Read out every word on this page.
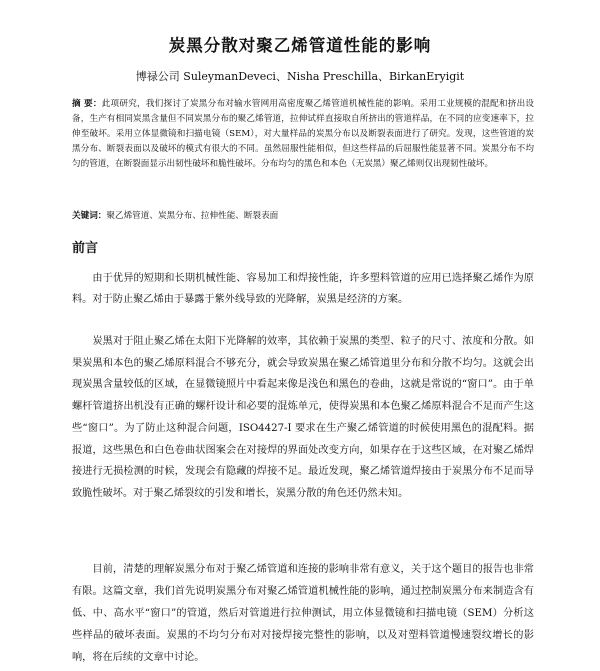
炭黑分散对聚乙烯管道性能的影响

博禄公司 SuleymanDeveci、Nisha Preschilla、BirkanEryigit

摘 要：此项研究，我们探讨了炭黑分布对输水管网用高密度聚乙烯管道机械性能的影响。采用工业规模的混配和挤出设备，生产有相同炭黑含量但不同炭黑分布的聚乙烯管道，拉伸试样直接取自所挤出的管道样品，在不同的应变速率下，拉伸至破坏。采用立体显微镜和扫描电镜（SEM），对大量样品的炭黑分布以及断裂表面进行了研究。发现，这些管道的炭黑分布、断裂表面以及破坏的模式有很大的不同。虽然屈服性能相似，但这些样品的后屈服性能显著不同。炭黑分布不均匀的管道，在断裂面显示出韧性破坏和脆性破坏。分布均匀的黑色和本色（无炭黑）聚乙烯则仅出现韧性破坏。

关键词：聚乙烯管道、炭黑分布、拉伸性能、断裂表面

前言

由于优异的短期和长期机械性能、容易加工和焊接性能，许多塑料管道的应用已选择聚乙烯作为原料。对于防止聚乙烯由于暴露于紫外线导致的光降解，炭黑是经济的方案。

炭黑对于阻止聚乙烯在太阳下光降解的效率，其依赖于炭黑的类型、粒子的尺寸、浓度和分散。如果炭黑和本色的聚乙烯原料混合不够充分，就会导致炭黑在聚乙烯管道里分布和分散不均匀。这就会出现炭黑含量较低的区域，在显微镜照片中看起来像是浅色和黑色的卷曲，这就是常说的“窗口”。由于单螺杆管道挤出机没有正确的螺杆设计和必要的混炼单元，使得炭黑和本色聚乙烯原料混合不足而产生这些“窗口”。为了防止这种混合问题，ISO4427-I 要求在生产聚乙烯管道的时候使用黑色的混配料。据报道，这些黑色和白色卷曲状图案会在对接焊的界面处改变方向，如果存在于这些区域，在对聚乙烯焊接进行无损检测的时候，发现会有隐藏的焊接不足。最近发现，聚乙烯管道焊接由于炭黑分布不足而导致脆性破坏。对于聚乙烯裂纹的引发和增长，炭黑分散的角色还仍然未知。

目前，清楚的理解炭黑分布对于聚乙烯管道和连接的影响非常有意义，关于这个题目的报告也非常有限。这篇文章，我们首先说明炭黑分布对聚乙烯管道机械性能的影响，通过控制炭黑分布来制造含有低、中、高水平“窗口”的管道，然后对管道进行拉伸测试，用立体显微镜和扫描电镜（SEM）分析这些样品的破坏表面。炭黑的不均匀分布对对接焊接完整性的影响，以及对塑料管道慢速裂纹增长的影响，将在后续的文章中讨论。
